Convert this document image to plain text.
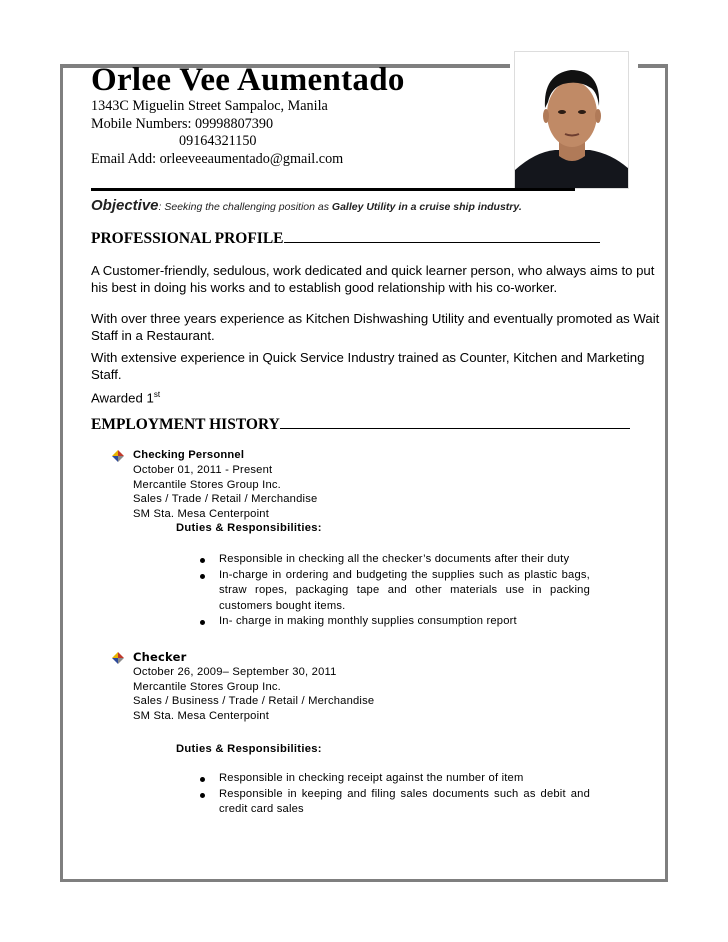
Orlee Vee Aumentado
1343C Miguelin Street Sampaloc, Manila
Mobile Numbers: 09998807390
09164321150
Email Add: orleeveeaumentado@gmail.com
Objective: Seeking the challenging position as Galley Utility in a cruise ship industry.
PROFESSIONAL PROFILE
A Customer-friendly, sedulous, work dedicated and quick learner person, who always aims to put his best in doing his works and to establish good relationship with his co-worker.
With over three years experience as Kitchen Dishwashing Utility and eventually promoted as Wait Staff in a Restaurant.
With extensive experience in Quick Service Industry trained as Counter, Kitchen and Marketing Staff.
Awarded 1st
EMPLOYMENT HISTORY
Checking Personnel
October 01, 2011 - Present
Mercantile Stores Group Inc.
Sales / Trade / Retail / Merchandise
SM Sta. Mesa Centerpoint
Duties & Responsibilities:
Responsible in checking all the checker’s documents after their duty
In-charge in ordering and budgeting the supplies such as plastic bags, straw ropes, packaging tape and other materials use in packing customers bought items.
In- charge in making monthly supplies consumption report
Checker
October 26, 2009– September 30, 2011
Mercantile Stores Group Inc.
Sales / Business / Trade / Retail / Merchandise
SM Sta. Mesa Centerpoint
Duties & Responsibilities:
Responsible in checking receipt against the number of item
Responsible in keeping and filing sales documents such as debit and credit card sales
